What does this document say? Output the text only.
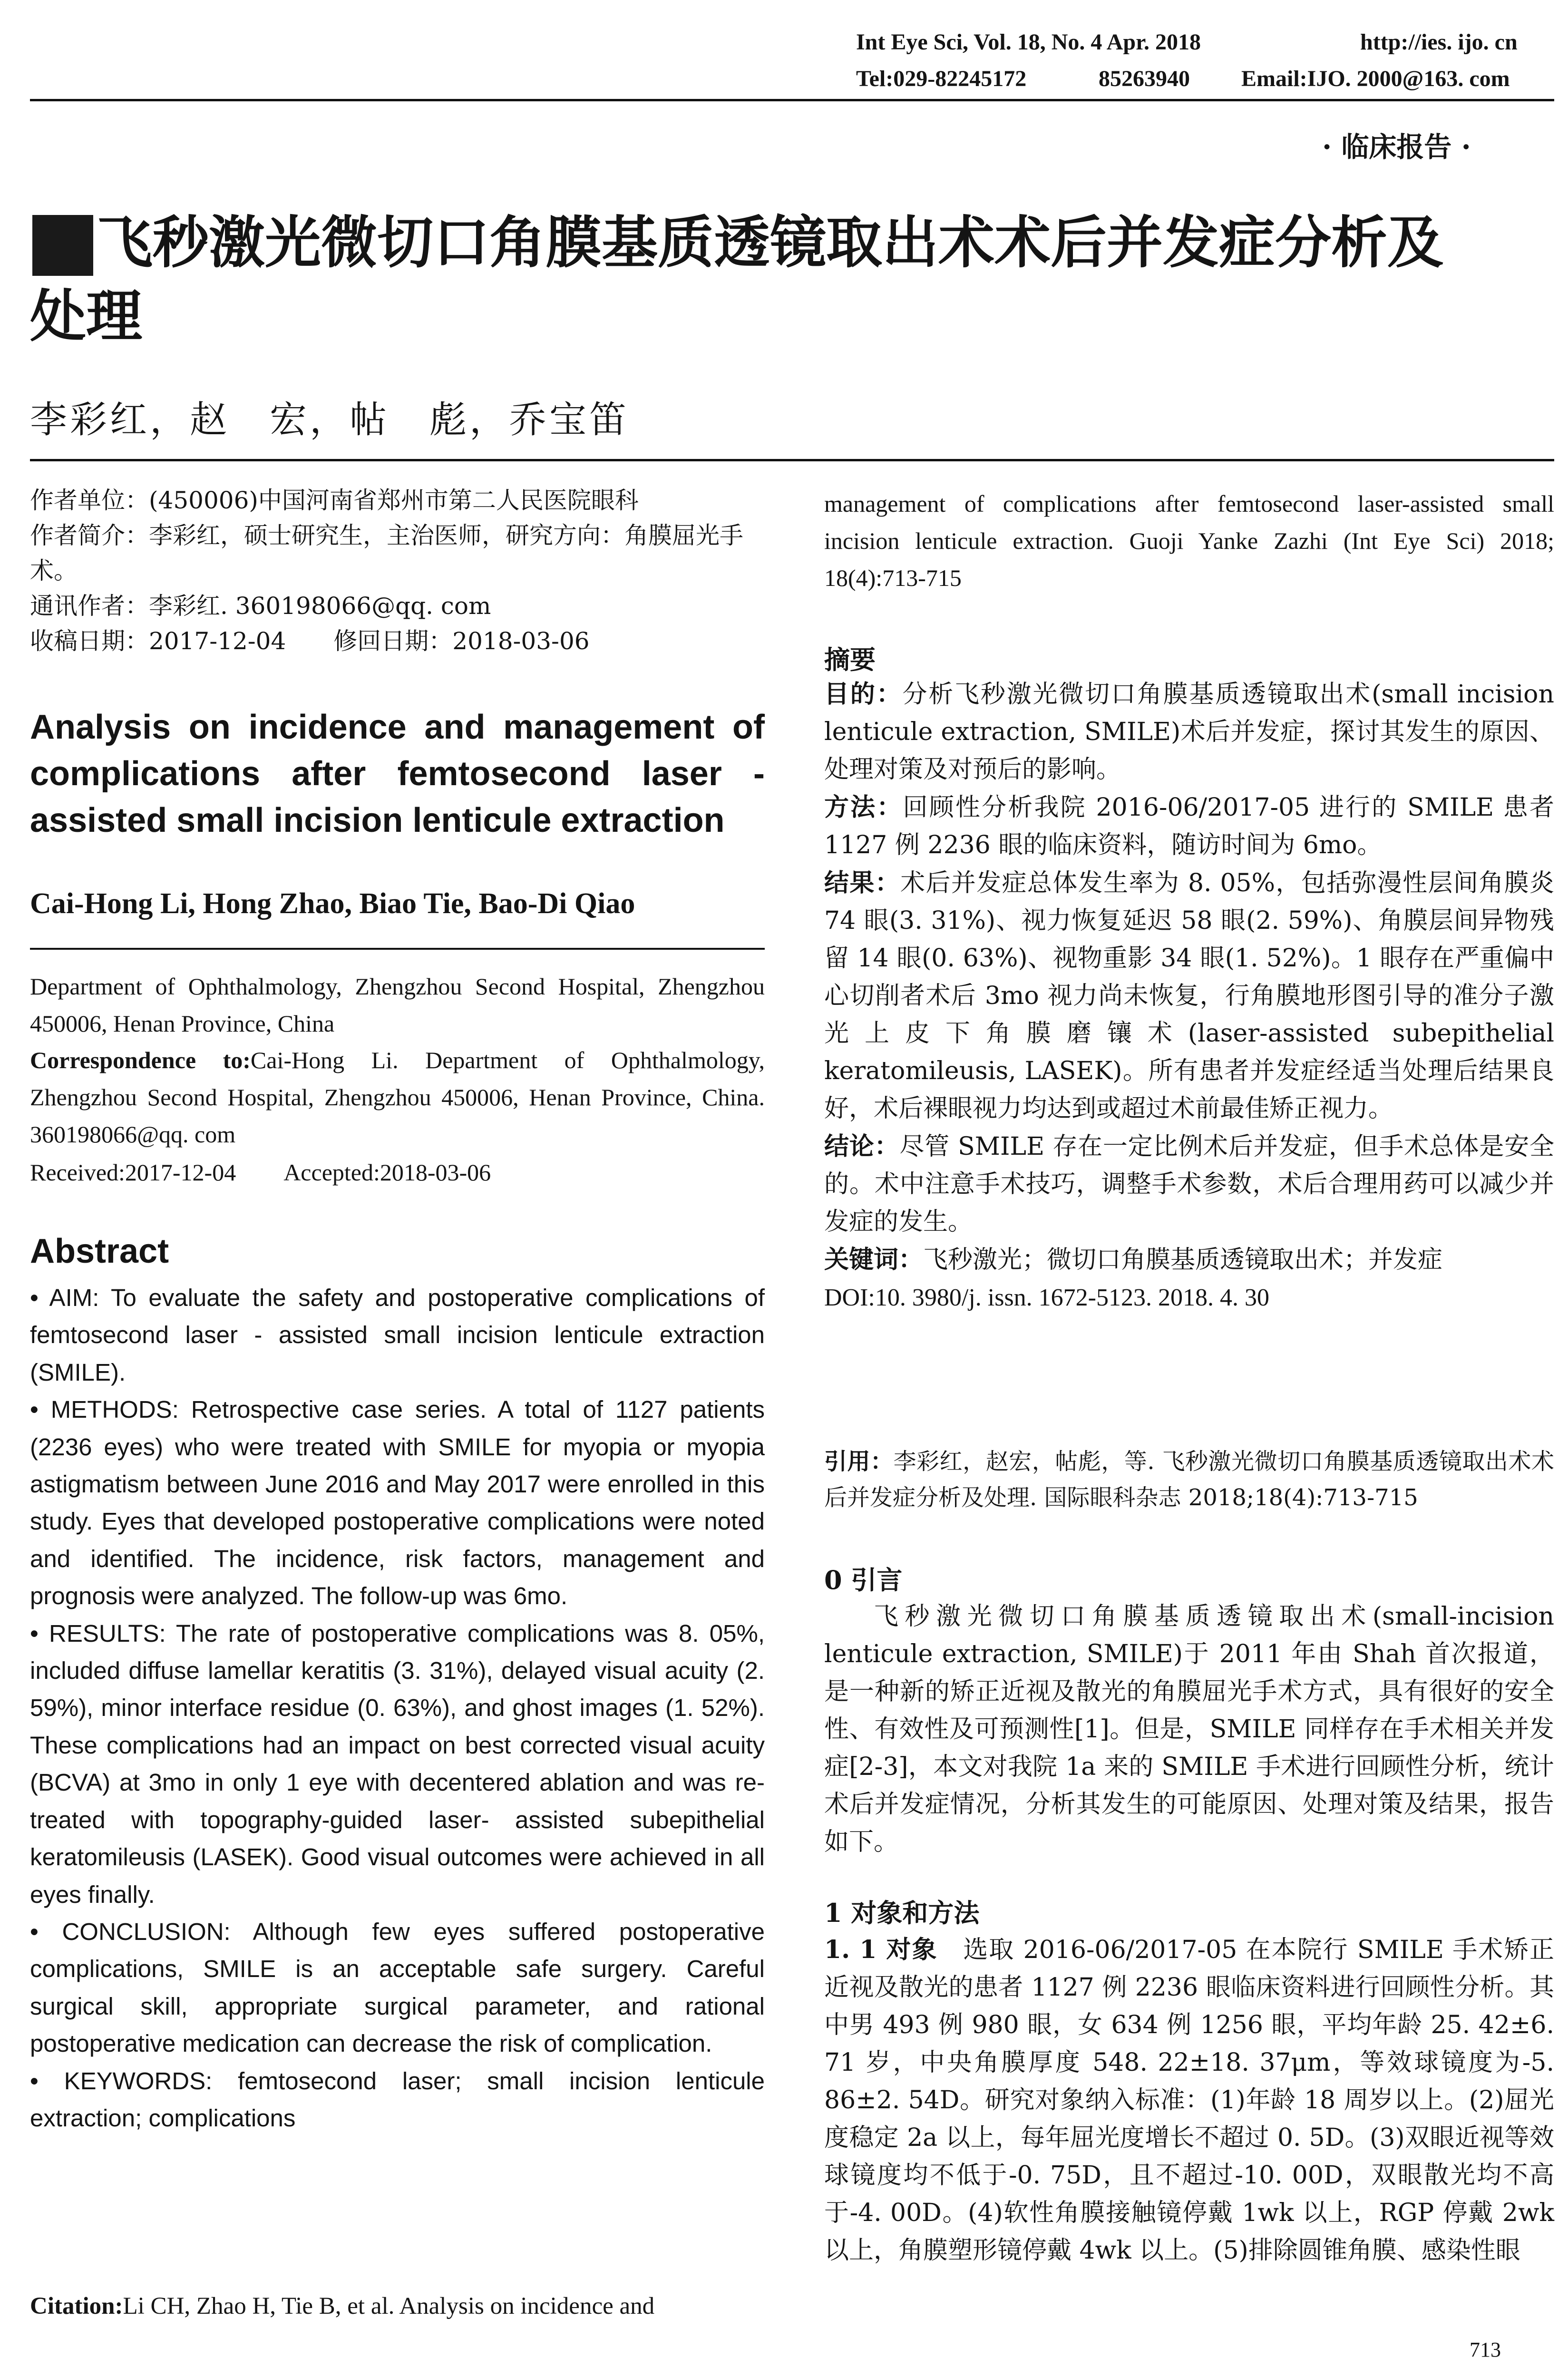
Int Eye Sci, Vol. 18, No. 4 Apr. 2018	http://ies. ijo. cn
Tel:029-82245172	85263940 Email:IJO. 2000@163. com
· 临床报告 ·
飞秒激光微切口角膜基质透镜取出术术后并发症分析及
处理
李彩红，赵　宏，帖　彪，乔宝笛
作者单位：(450006)中国河南省郑州市第二人民医院眼科
作者简介：李彩红，硕士研究生，主治医师，研究方向：角膜屈光手术。
通讯作者：李彩红. 360198066@qq. com
收稿日期：2017-12-04　　修回日期：2018-03-06
Analysis on incidence and management of complications after femtosecond laser - assisted small incision lenticule extraction
Cai-Hong Li, Hong Zhao, Biao Tie, Bao-Di Qiao
Department of Ophthalmology, Zhengzhou Second Hospital, Zhengzhou 450006, Henan Province, China
Correspondence to:Cai-Hong Li. Department of Ophthalmology, Zhengzhou Second Hospital, Zhengzhou 450006, Henan Province, China. 360198066@qq. com
Received:2017-12-04　　Accepted:2018-03-06
Abstract
• AIM: To evaluate the safety and postoperative complications of femtosecond laser - assisted small incision lenticule extraction (SMILE).
• METHODS: Retrospective case series. A total of 1127 patients (2236 eyes) who were treated with SMILE for myopia or myopia astigmatism between June 2016 and May 2017 were enrolled in this study. Eyes that developed postoperative complications were noted and identified. The incidence, risk factors, management and prognosis were analyzed. The follow-up was 6mo.
• RESULTS: The rate of postoperative complications was 8. 05%, included diffuse lamellar keratitis (3. 31%), delayed visual acuity (2. 59%), minor interface residue (0. 63%), and ghost images (1. 52%). These complications had an impact on best corrected visual acuity (BCVA) at 3mo in only 1 eye with decentered ablation and was re-treated with topography-guided laser- assisted subepithelial keratomileusis (LASEK). Good visual outcomes were achieved in all eyes finally.
• CONCLUSION: Although few eyes suffered postoperative complications, SMILE is an acceptable safe surgery. Careful surgical skill, appropriate surgical parameter, and rational postoperative medication can decrease the risk of complication.
• KEYWORDS: femtosecond laser; small incision lenticule extraction; complications
Citation:Li CH, Zhao H, Tie B, et al. Analysis on incidence and
management of complications after femtosecond laser-assisted small incision lenticule extraction. Guoji Yanke Zazhi (Int Eye Sci) 2018; 18(4):713-715
摘要
目的：分析飞秒激光微切口角膜基质透镜取出术(small incision lenticule extraction, SMILE)术后并发症，探讨其发生的原因、处理对策及对预后的影响。
方法：回顾性分析我院 2016-06/2017-05 进行的 SMILE 患者 1127 例 2236 眼的临床资料，随访时间为 6mo。
结果：术后并发症总体发生率为 8. 05%，包括弥漫性层间角膜炎 74 眼(3. 31%)、视力恢复延迟 58 眼(2. 59%)、角膜层间异物残留 14 眼(0. 63%)、视物重影 34 眼(1. 52%)。1 眼存在严重偏中心切削者术后 3mo 视力尚未恢复，行角膜地形图引导的准分子激光上皮下角膜磨镶术(laser-assisted subepithelial keratomileusis, LASEK)。所有患者并发症经适当处理后结果良好，术后裸眼视力均达到或超过术前最佳矫正视力。
结论：尽管 SMILE 存在一定比例术后并发症，但手术总体是安全的。术中注意手术技巧，调整手术参数，术后合理用药可以减少并发症的发生。
关键词：飞秒激光；微切口角膜基质透镜取出术；并发症
DOI:10. 3980/j. issn. 1672-5123. 2018. 4. 30
引用：李彩红，赵宏，帖彪，等. 飞秒激光微切口角膜基质透镜取出术术后并发症分析及处理. 国际眼科杂志 2018;18(4):713-715
0 引言
飞秒激光微切口角膜基质透镜取出术(small-incision lenticule extraction, SMILE)于 2011 年由 Shah 首次报道，是一种新的矫正近视及散光的角膜屈光手术方式，具有很好的安全性、有效性及可预测性[1]。但是，SMILE 同样存在手术相关并发症[2-3]，本文对我院 1a 来的 SMILE 手术进行回顾性分析，统计术后并发症情况，分析其发生的可能原因、处理对策及结果，报告如下。
1 对象和方法
1. 1 对象　 选取 2016-06/2017-05 在本院行 SMILE 手术矫正近视及散光的患者 1127 例 2236 眼临床资料进行回顾性分析。其中男 493 例 980 眼，女 634 例 1256 眼，平均年龄 25. 42±6. 71 岁，中央角膜厚度 548. 22±18. 37μm，等效球镜度为-5. 86±2. 54D。研究对象纳入标准：(1)年龄 18 周岁以上。(2)屈光度稳定 2a 以上，每年屈光度增长不超过 0. 5D。(3)双眼近视等效球镜度均不低于-0. 75D，且不超过-10. 00D，双眼散光均不高于-4. 00D。(4)软性角膜接触镜停戴 1wk 以上，RGP 停戴 2wk 以上，角膜塑形镜停戴 4wk 以上。(5)排除圆锥角膜、感染性眼
713
